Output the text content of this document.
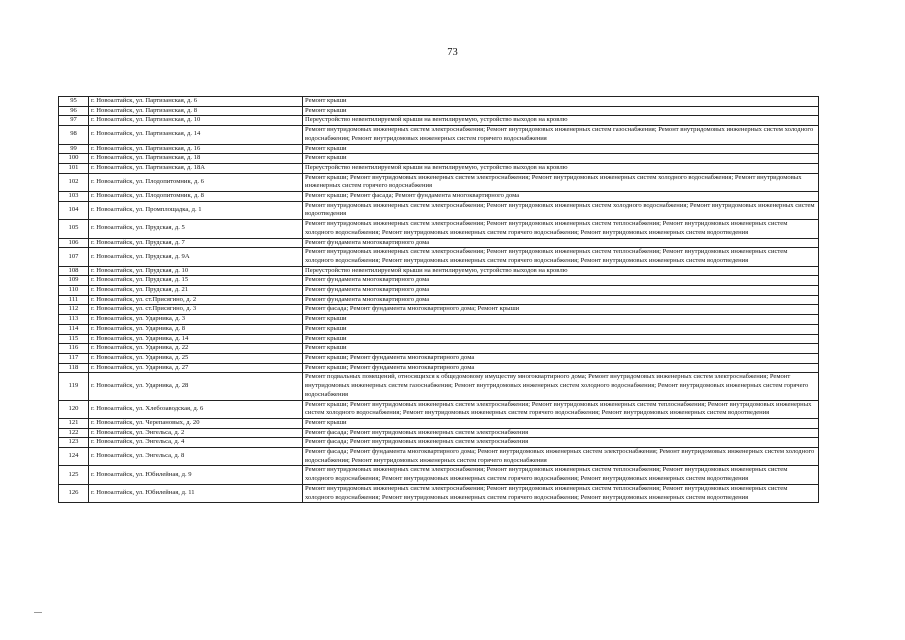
73
95	г. Новоалтайск, ул. Партизанская, д. 6	Ремонт крыши
96	г. Новоалтайск, ул. Партизанская, д. 8	Ремонт крыши
97	г. Новоалтайск, ул. Партизанская, д. 10	Переустройство невентилируемой крыши на вентилируемую, устройство выходов на кровлю
98	г. Новоалтайск, ул. Партизанская, д. 14	Ремонт внутридомовых инженерных систем электроснабжения; Ремонт внутридомовых инженерных систем газоснабжения; Ремонт внутридомовых инженерных систем холодного водоснабжения; Ремонт внутридомовых инженерных систем горячего водоснабжения
99	г. Новоалтайск, ул. Партизанская, д. 16	Ремонт крыши
100	г. Новоалтайск, ул. Партизанская, д. 18	Ремонт крыши
101	г. Новоалтайск, ул. Партизанская, д. 18А	Переустройство невентилируемой крыши на вентилируемую, устройство выходов на кровлю
102	г. Новоалтайск, ул. Плодопитомник, д. 6	Ремонт крыши; Ремонт внутридомовых инженерных систем электроснабжения; Ремонт внутридомовых инженерных систем холодного водоснабжения; Ремонт внутридомовых инженерных систем горячего водоснабжения
103	г. Новоалтайск, ул. Плодопитомник, д. 8	Ремонт крыши; Ремонт фасада; Ремонт фундамента многоквартирного дома
104	г. Новоалтайск, ул. Промплощадка, д. 1	Ремонт внутридомовых инженерных систем электроснабжения; Ремонт внутридомовых инженерных систем холодного водоснабжения; Ремонт внутридомовых инженерных систем водоотведения
105	г. Новоалтайск, ул. Прудская, д. 5	Ремонт внутридомовых инженерных систем электроснабжения; Ремонт внутридомовых инженерных систем теплоснабжения; Ремонт внутридомовых инженерных систем холодного водоснабжения; Ремонт внутридомовых инженерных систем горячего водоснабжения; Ремонт внутридомовых инженерных систем водоотведения
106	г. Новоалтайск, ул. Прудская, д. 7	Ремонт фундамента многоквартирного дома
107	г. Новоалтайск, ул. Прудская, д. 9А	Ремонт внутридомовых инженерных систем электроснабжения; Ремонт внутридомовых инженерных систем теплоснабжения; Ремонт внутридомовых инженерных систем холодного водоснабжения; Ремонт внутридомовых инженерных систем горячего водоснабжения; Ремонт внутридомовых инженерных систем водоотведения
108	г. Новоалтайск, ул. Прудская, д. 10	Переустройство невентилируемой крыши на вентилируемую, устройство выходов на кровлю
109	г. Новоалтайск, ул. Прудская, д. 15	Ремонт фундамента многоквартирного дома
110	г. Новоалтайск, ул. Прудская, д. 21	Ремонт фундамента многоквартирного дома
111	г. Новоалтайск, ул. ст.Присягино, д. 2	Ремонт фундамента многоквартирного дома
112	г. Новоалтайск, ул. ст.Присягино, д. 3	Ремонт фасада; Ремонт фундамента многоквартирного дома; Ремонт крыши
113	г. Новоалтайск, ул. Ударника, д. 3	Ремонт крыши
114	г. Новоалтайск, ул. Ударника, д. 8	Ремонт крыши
115	г. Новоалтайск, ул. Ударника, д. 14	Ремонт крыши
116	г. Новоалтайск, ул. Ударника, д. 22	Ремонт крыши
117	г. Новоалтайск, ул. Ударника, д. 25	Ремонт крыши; Ремонт фундамента многоквартирного дома
118	г. Новоалтайск, ул. Ударника, д. 27	Ремонт крыши; Ремонт фундамента многоквартирного дома
119	г. Новоалтайск, ул. Ударника, д. 28	Ремонт подвальных помещений, относящихся к общедомовому имуществу многоквартирного дома; Ремонт внутридомовых инженерных систем электроснабжения; Ремонт внутридомовых инженерных систем газоснабжения; Ремонт внутридомовых инженерных систем холодного водоснабжения; Ремонт внутридомовых инженерных систем горячего водоснабжения
120	г. Новоалтайск, ул. Хлебозаводская, д. 6	Ремонт крыши; Ремонт внутридомовых инженерных систем электроснабжения; Ремонт внутридомовых инженерных систем теплоснабжения; Ремонт внутридомовых инженерных систем холодного водоснабжения; Ремонт внутридомовых инженерных систем горячего водоснабжения; Ремонт внутридомовых инженерных систем водоотведения
121	г. Новоалтайск, ул. Черепановых, д. 20	Ремонт крыши
122	г. Новоалтайск, ул. Энгельса, д. 2	Ремонт фасада; Ремонт внутридомовых инженерных систем электроснабжения
123	г. Новоалтайск, ул. Энгельса, д. 4	Ремонт фасада; Ремонт внутридомовых инженерных систем электроснабжения
124	г. Новоалтайск, ул. Энгельса, д. 8	Ремонт фасада; Ремонт фундамента многоквартирного дома; Ремонт внутридомовых инженерных систем электроснабжения; Ремонт внутридомовых инженерных систем холодного водоснабжения; Ремонт внутридомовых инженерных систем горячего водоснабжения
125	г. Новоалтайск, ул. Юбилейная, д. 9	Ремонт внутридомовых инженерных систем электроснабжения; Ремонт внутридомовых инженерных систем теплоснабжения; Ремонт внутридомовых инженерных систем холодного водоснабжения; Ремонт внутридомовых инженерных систем горячего водоснабжения; Ремонт внутридомовых инженерных систем водоотведения
126	г. Новоалтайск, ул. Юбилейная, д. 11	Ремонт внутридомовых инженерных систем электроснабжения; Ремонт внутридомовых инженерных систем теплоснабжения; Ремонт внутридомовых инженерных систем холодного водоснабжения; Ремонт внутридомовых инженерных систем горячего водоснабжения; Ремонт внутридомовых инженерных систем водоотведения
